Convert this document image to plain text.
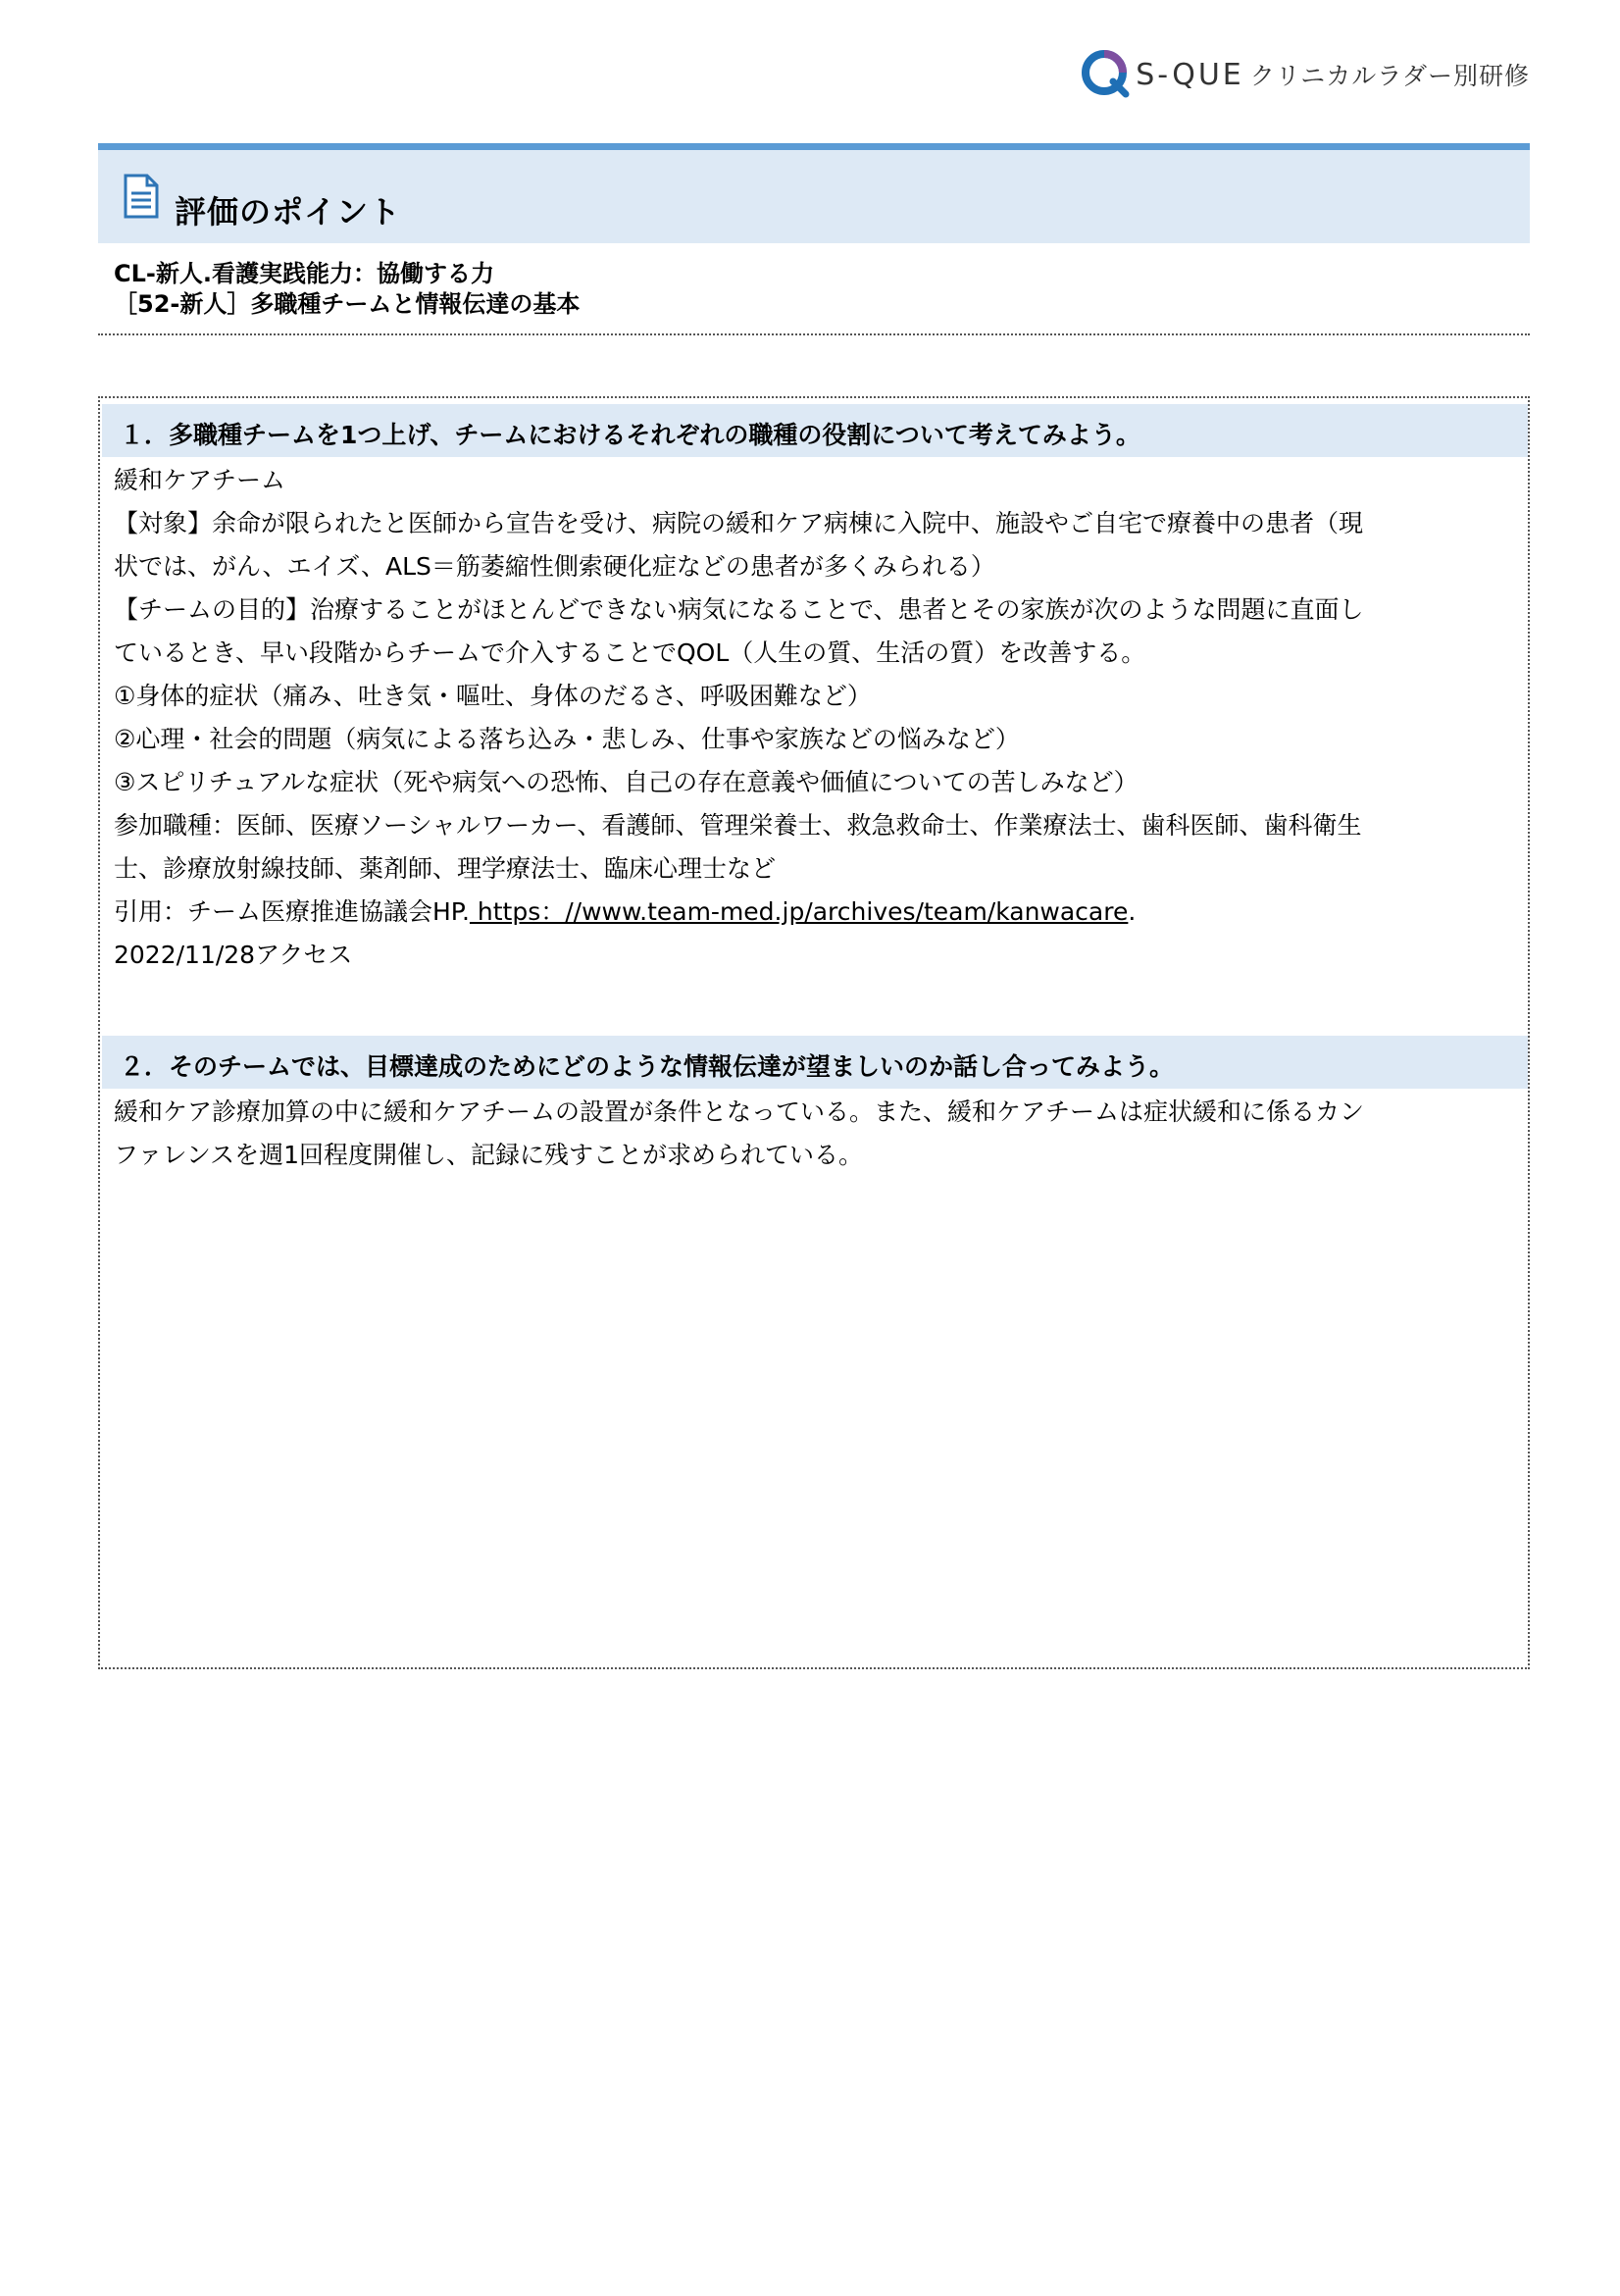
S-QUE クリニカルラダー別研修
評価のポイント
CL-新人.看護実践能力：協働する力
［52-新人］多職種チームと情報伝達の基本
１．多職種チームを1つ上げ、チームにおけるそれぞれの職種の役割について考えてみよう。
緩和ケアチーム
【対象】余命が限られたと医師から宣告を受け、病院の緩和ケア病棟に入院中、施設やご自宅で療養中の患者（現
状では、がん、エイズ、ALS＝筋萎縮性側索硬化症などの患者が多くみられる）
【チームの目的】治療することがほとんどできない病気になることで、患者とその家族が次のような問題に直面し
ているとき、早い段階からチームで介入することでQOL（人生の質、生活の質）を改善する。
①身体的症状（痛み、吐き気・嘔吐、身体のだるさ、呼吸困難など）
②心理・社会的問題（病気による落ち込み・悲しみ、仕事や家族などの悩みなど）
③スピリチュアルな症状（死や病気への恐怖、自己の存在意義や価値についての苦しみなど）
参加職種：医師、医療ソーシャルワーカー、看護師、管理栄養士、救急救命士、作業療法士、歯科医師、歯科衛生
士、診療放射線技師、薬剤師、理学療法士、臨床心理士など
引用：チーム医療推進協議会HP. https：//www.team-med.jp/archives/team/kanwacare.
2022/11/28アクセス
２．そのチームでは、目標達成のためにどのような情報伝達が望ましいのか話し合ってみよう。
緩和ケア診療加算の中に緩和ケアチームの設置が条件となっている。また、緩和ケアチームは症状緩和に係るカン
ファレンスを週1回程度開催し、記録に残すことが求められている。
